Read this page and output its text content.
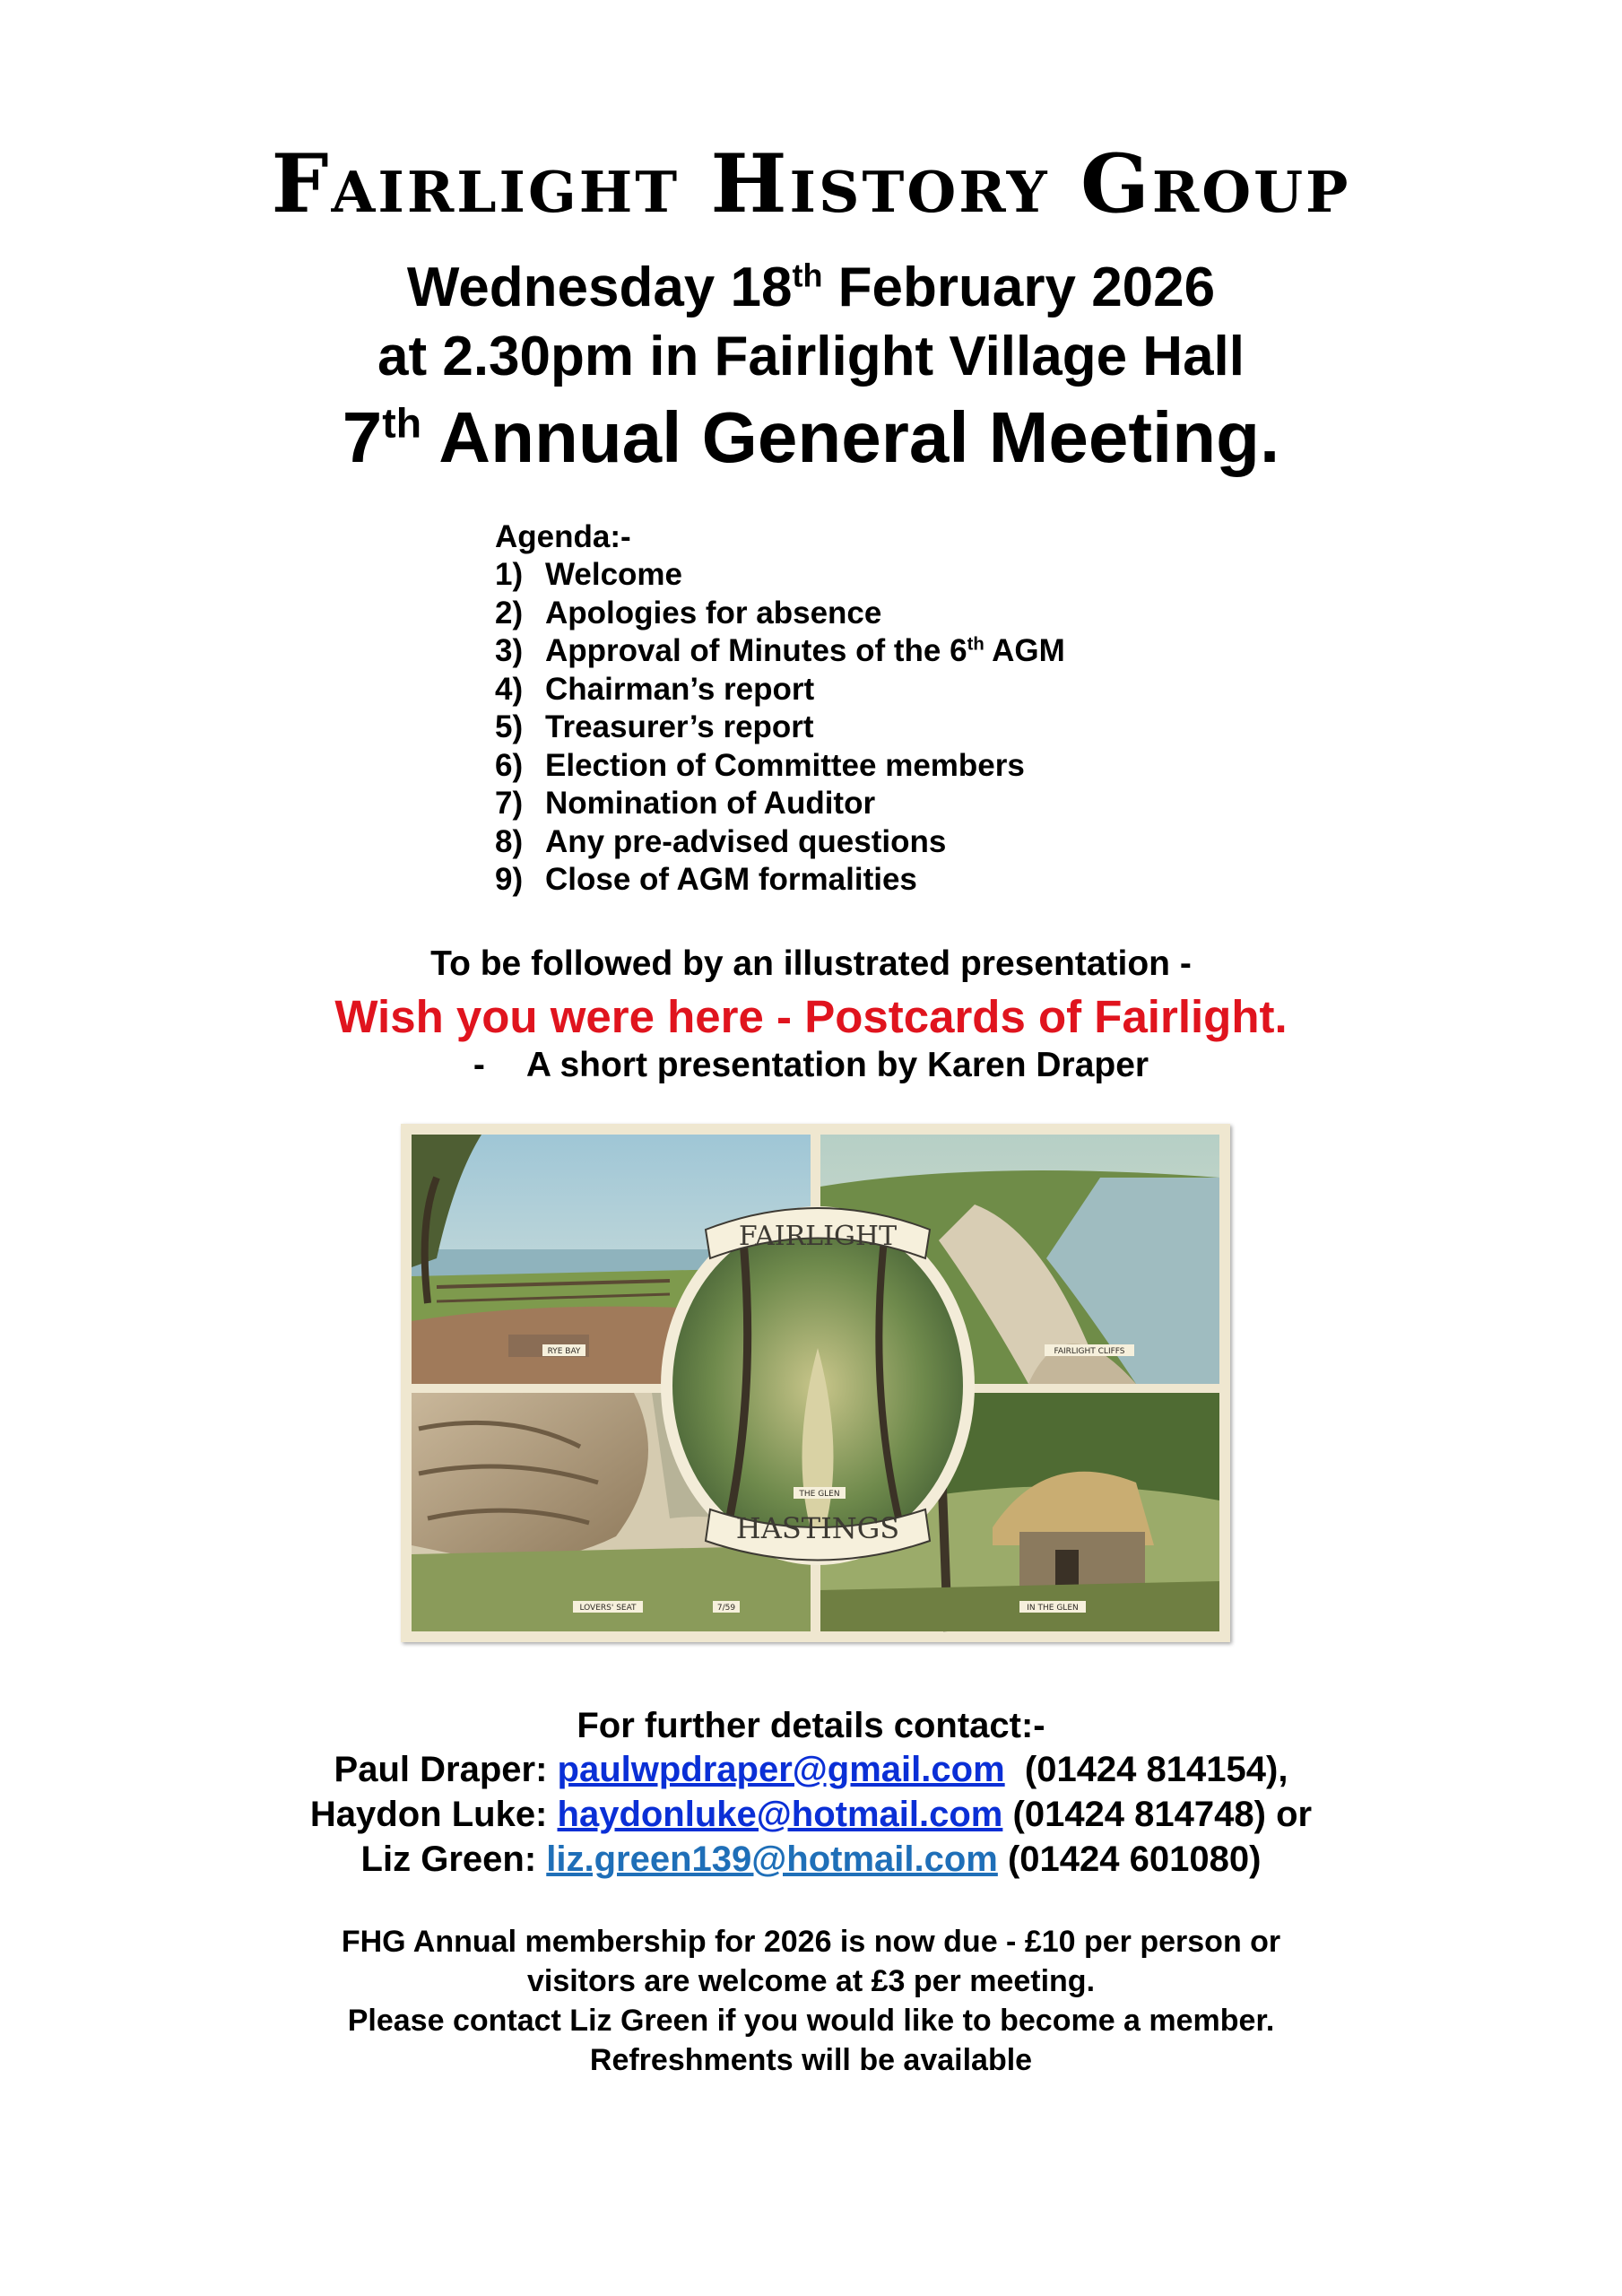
Fairlight History Group
Wednesday 18th February 2026
at 2.30pm in Fairlight Village Hall
7th Annual General Meeting.
Agenda:-
1) Welcome
2) Apologies for absence
3) Approval of Minutes of the 6th AGM
4) Chairman’s report
5) Treasurer’s report
6) Election of Committee members
7) Nomination of Auditor
8) Any pre-advised questions
9) Close of AGM formalities
To be followed by an illustrated presentation -
Wish you were here - Postcards of Fairlight.
- A short presentation by Karen Draper
FAIRLIGHT
HASTINGS
RYE BAY	FAIRLIGHT CLIFFS
THE GLEN
LOVERS' SEAT	IN THE GLEN
7/59
For further details contact:-
Paul Draper: paulwpdraper@gmail.com (01424 814154),
Haydon Luke: haydonluke@hotmail.com (01424 814748) or
Liz Green: liz.green139@hotmail.com (01424 601080)
FHG Annual membership for 2026 is now due - £10 per person or
visitors are welcome at £3 per meeting.
Please contact Liz Green if you would like to become a member.
Refreshments will be available
